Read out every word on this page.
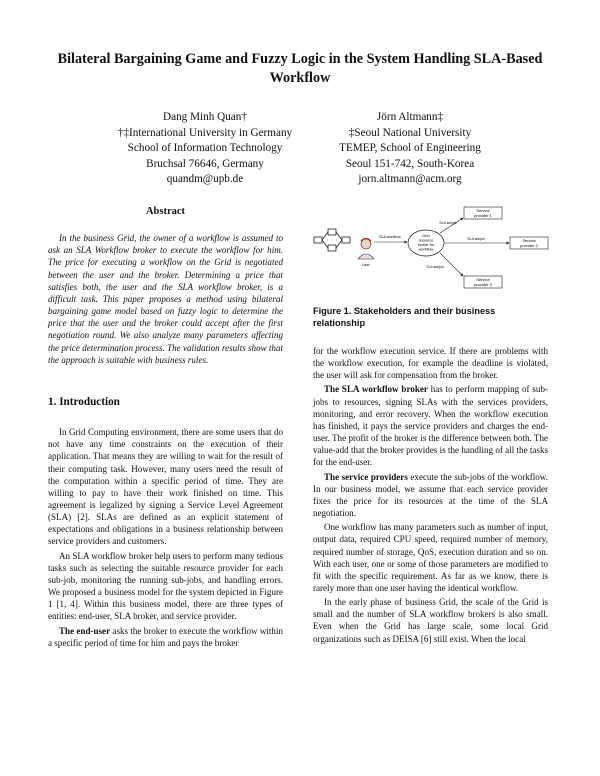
Bilateral Bargaining Game and Fuzzy Logic in the System Handling SLA-Based Workflow
Dang Minh Quan†
†‡International University in Germany
School of Information Technology
Bruchsal 76646, Germany
quandm@upb.de
Jörn Altmann‡
‡Seoul National University
TEMEP, School of Engineering
Seoul 151-742, South-Korea
jorn.altmann@acm.org
Abstract

In the business Grid, the owner of a workflow is assumed to ask an SLA Workflow broker to execute the workflow for him. The price for executing a workflow on the Grid is negotiated between the user and the broker. Determining a price that satisfies both, the user and the SLA workflow broker, is a difficult task. This paper proposes a method using bilateral bargaining game model based on fuzzy logic to determine the price that the user and the broker could accept after the first negotiation round. We also analyze many parameters affecting the price determination process. The validation results show that the approach is suitable with business rules.

1. Introduction

In Grid Computing environment, there are some users that do not have any time constraints on the execution of their application. That means they are willing to wait for the result of their computing task. However, many users need the result of the computation within a specific period of time. They are willing to pay to have their work finished on time. This agreement is legalized by signing a Service Level Agreement (SLA) [2]. SLAs are defined as an explicit statement of expectations and obligations in a business relationship between service providers and customers.

An SLA workflow broker help users to perform many tedious tasks such as selecting the suitable resource provider for each sub-job, monitoring the running sub-jobs, and handling errors. We proposed a business model for the system depicted in Figure 1 [1, 4]. Within this business model, there are three types of entities: end-user, SLA broker, and service provider.

The end-user asks the broker to execute the workflow within a specific period of time for him and pays the broker

User
SLA workflow	Grid
resource
broker for
workflow
SLA subjob
SLA subjob
SLA subjob
Service
provider 1
Service
provider 2
Service
provider 3

Figure 1. Stakeholders and their business relationship

for the workflow execution service. If there are problems with the workflow execution, for example the deadline is violated, the user will ask for compensation from the broker.

The SLA workflow broker has to perform mapping of sub-jobs to resources, signing SLAs with the services providers, monitoring, and error recovery. When the workflow execution has finished, it pays the service providers and charges the end-user. The profit of the broker is the difference between both. The value-add that the broker provides is the handling of all the tasks for the end-user.

The service providers execute the sub-jobs of the workflow. In our business model, we assume that each service provider fixes the price for its resources at the time of the SLA negotiation.

One workflow has many parameters such as number of input, output data, required CPU speed, required number of memory, required number of storage, QoS, execution duration and so on. With each user, one or some of those parameters are modified to fit with the specific requirement. As far as we know, there is rarely more than one user having the identical workflow.

In the early phase of business Grid, the scale of the Grid is small and the number of SLA workflow brokers is also small. Even when the Grid has large scale, some local Grid organizations such as DEISA [6] still exist. When the local
